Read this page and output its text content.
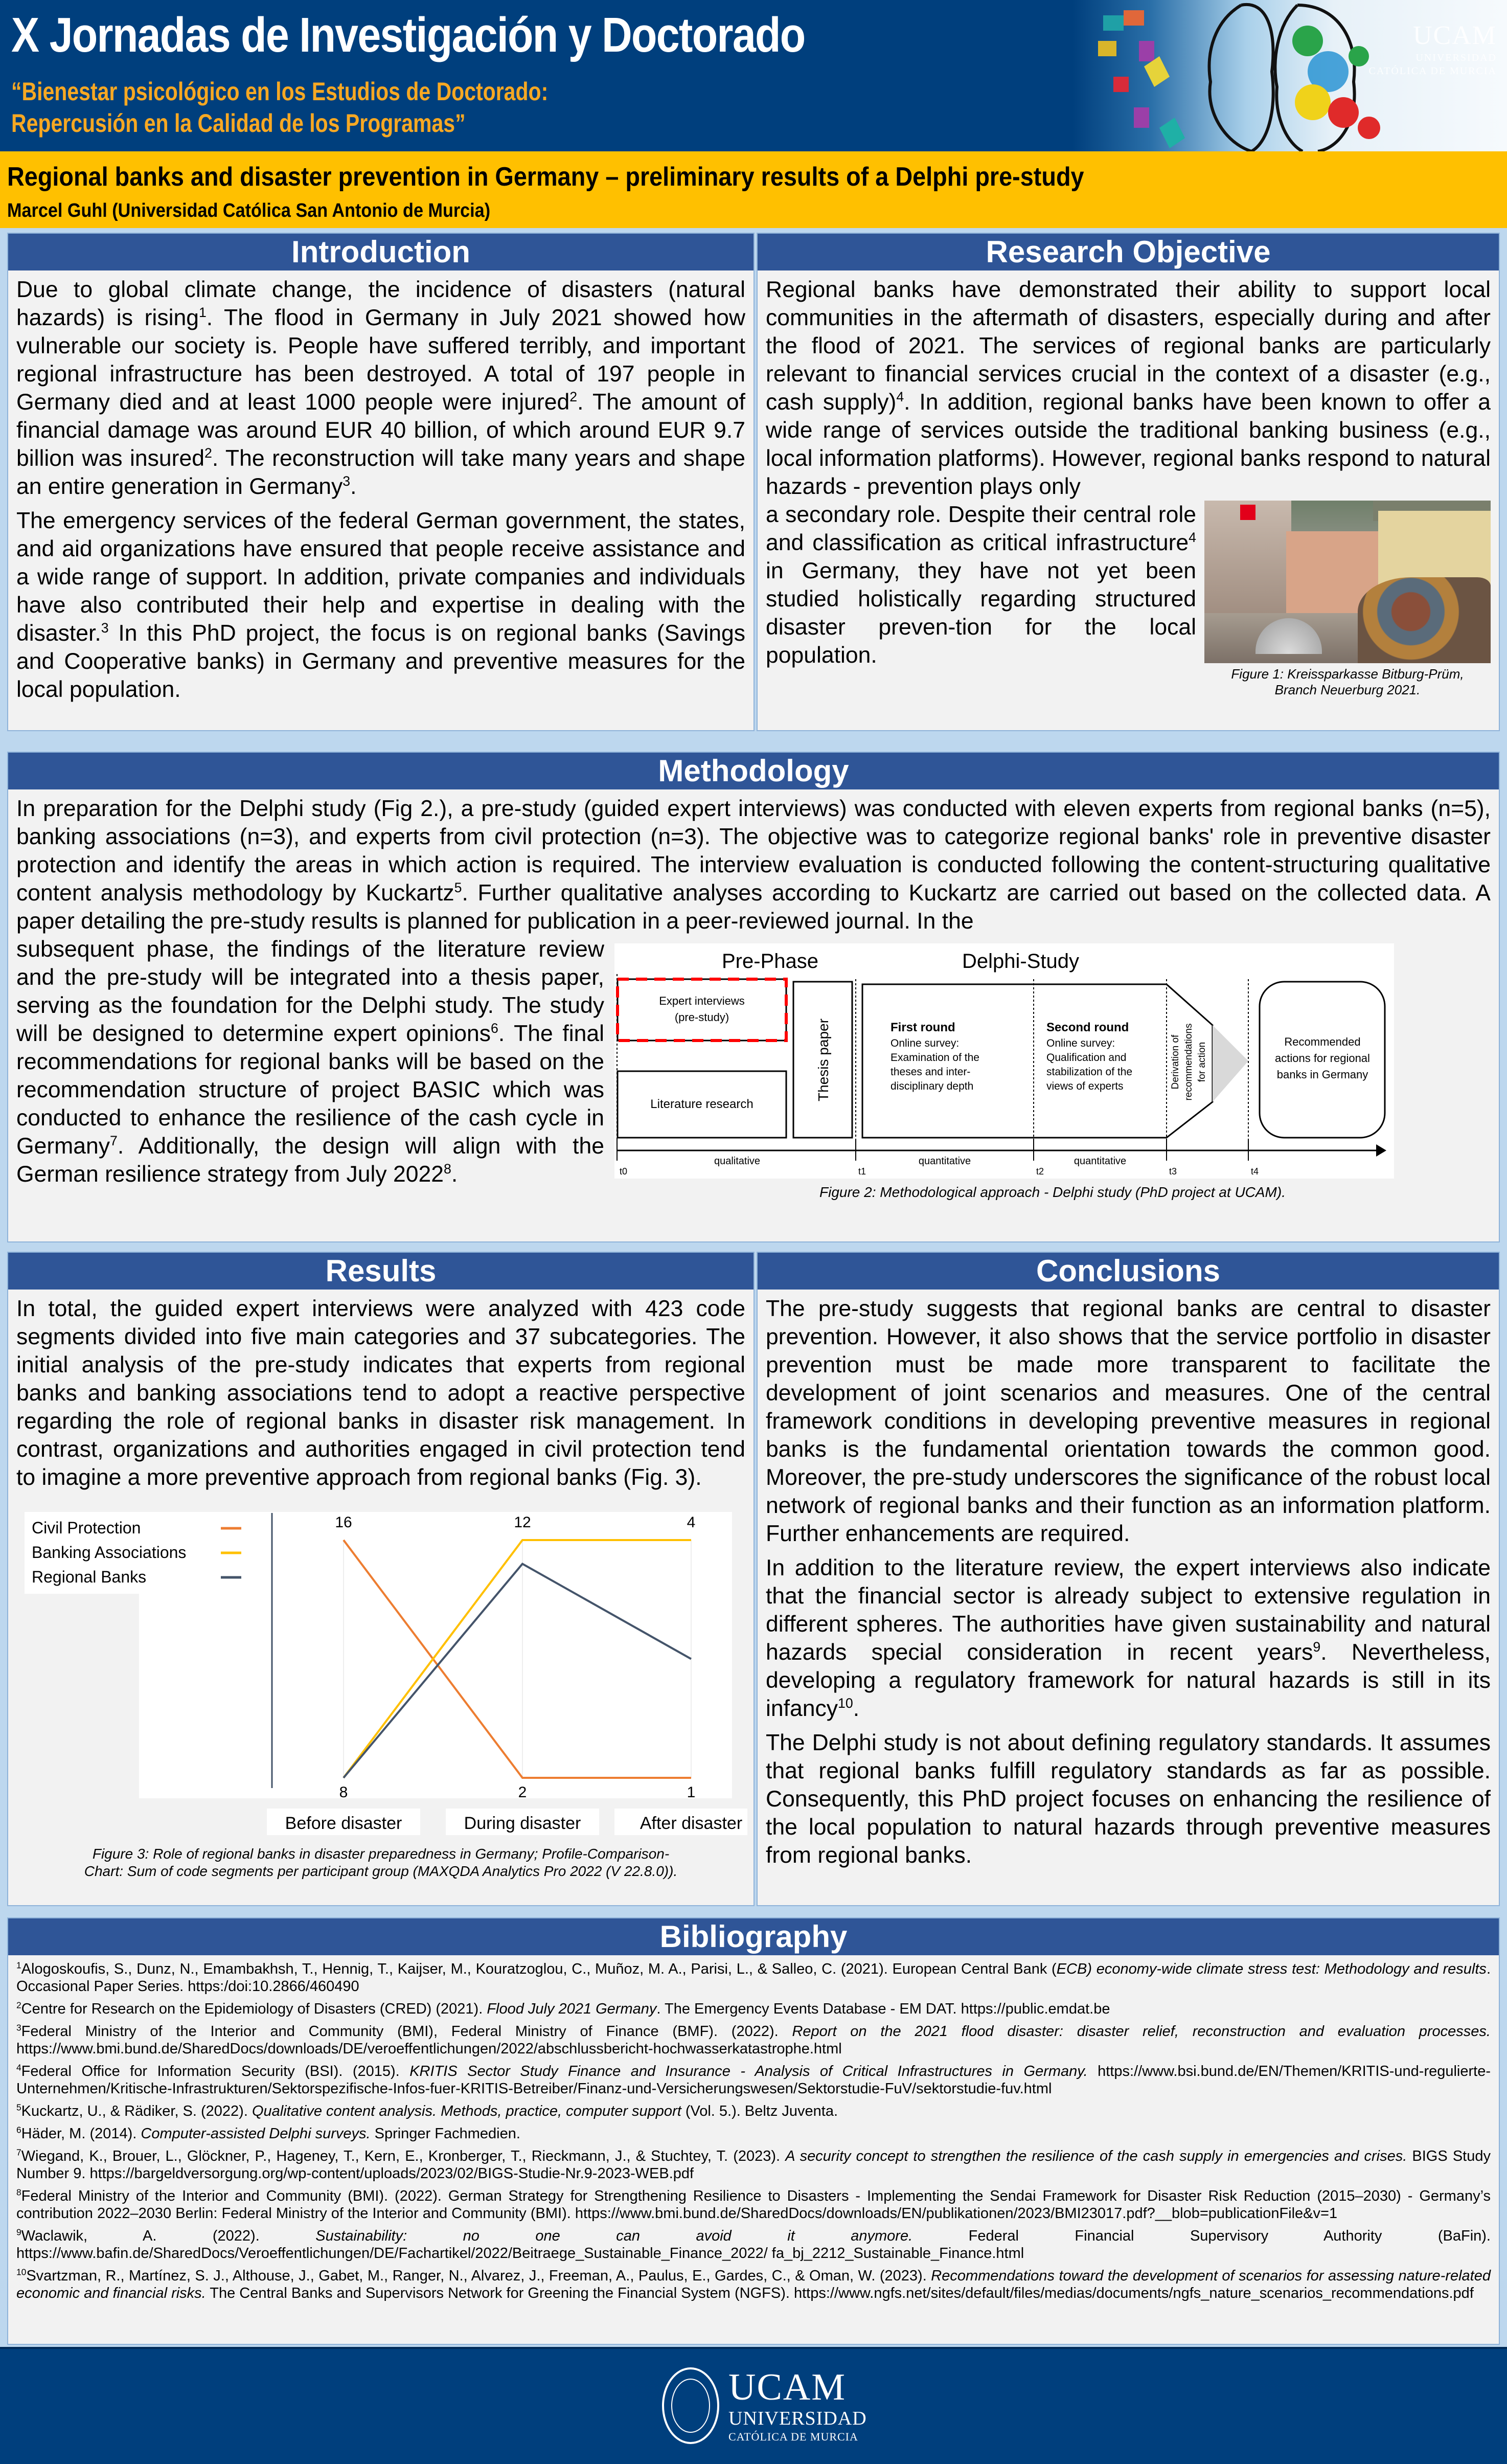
X Jornadas de Investigación y Doctorado
“Bienestar psicológico en los Estudios de Doctorado:
Repercusión en la Calidad de los Programas”
UCAM
UNIVERSIDAD
CATÓLICA DE MURCIA
Regional banks and disaster prevention in Germany – preliminary results of a Delphi pre-study
Marcel Guhl (Universidad Católica San Antonio de Murcia)
Introduction

Due to global climate change, the incidence of disasters (natural hazards) is rising$^1$. The flood in Germany in July 2021 showed how vulnerable our society is. People have suffered terribly, and important regional infrastructure has been destroyed. A total of 197 people in Germany died and at least 1000 people were injured$^2$. The amount of financial damage was around EUR 40 billion, of which around EUR 9.7 billion was insured$^2$. The reconstruction will take many years and shape an entire generation in Germany$^3$.

The emergency services of the federal German government, the states, and aid organizations have ensured that people receive assistance and a wide range of support. In addition, private companies and individuals have also contributed their help and expertise in dealing with the disaster.$^3$ In this PhD project, the focus is on regional banks (Savings and Cooperative banks) in Germany and preventive measures for the local population.

Research Objective

Regional banks have demonstrated their ability to support local communities in the aftermath of disasters, especially during and after the flood of 2021. The services of regional banks are particularly relevant to financial services crucial in the context of a disaster (e.g., cash supply)$^4$. In addition, regional banks have been known to offer a wide range of services outside the traditional banking business (e.g., local information platforms). However, regional banks respond to natural hazards - prevention plays only

a secondary role. Despite their central role and classification as critical infrastructure$^4$ in Germany, they have not yet been studied holistically regarding structured disaster preven-tion for the local population.

Figure 1: Kreissparkasse Bitburg-Prüm,
Branch Neuerburg 2021.
Methodology

In preparation for the Delphi study (Fig 2.), a pre-study (guided expert interviews) was conducted with eleven experts from regional banks (n=5), banking associations (n=3), and experts from civil protection (n=3). The objective was to categorize regional banks' role in preventive disaster protection and identify the areas in which action is required. The interview evaluation is conducted following the content-structuring qualitative content analysis methodology by Kuckartz$^5$. Further qualitative analyses according to Kuckartz are carried out based on the collected data. A paper detailing the pre-study results is planned for publication in a peer-reviewed journal. In the

subsequent phase, the findings of the literature review and the pre-study will be integrated into a thesis paper, serving as the foundation for the Delphi study. The study will be designed to determine expert opinions$^6$. The final recommendations for regional banks will be based on the recommendation structure of project BASIC which was conducted to enhance the resilience of the cash cycle in Germany$^7$. Additionally, the design will align with the German resilience strategy from July 2022$^8$.

Pre-Phase	Delphi-Study
Expert interviews
(pre-study)
Literature research
Thesis paper	First round
Online survey:
Examination of the
theses and inter-
disciplinary depth
Second round
Online survey:
Qualification and
stabilization of the
views of experts	Derivation of recommendations for action
Recommended
actions for regional
banks in Germany
qualitative	quantitative	quantitative
t0	t1	t2	t3	t4
Figure 2: Methodological approach - Delphi study (PhD project at UCAM).
Results

In total, the guided expert interviews were analyzed with 423 code segments divided into five main categories and 37 subcategories. The initial analysis of the pre-study indicates that experts from regional banks and banking associations tend to adopt a reactive perspective regarding the role of regional banks in disaster risk management. In contrast, organizations and authorities engaged in civil protection tend to imagine a more preventive approach from regional banks (Fig. 3).

16
8
12
2
4
1
Before disaster	During disaster	After disaster
Civil Protection
Banking Associations
Regional Banks
Figure 3: Role of regional banks in disaster preparedness in Germany; Profile-Comparison-
Chart: Sum of code segments per participant group (MAXQDA Analytics Pro 2022 (V 22.8.0)).
Conclusions

The pre-study suggests that regional banks are central to disaster prevention. However, it also shows that the service portfolio in disaster prevention must be made more transparent to facilitate the development of joint scenarios and measures. One of the central framework conditions in developing preventive measures in regional banks is the fundamental orientation towards the common good. Moreover, the pre-study underscores the significance of the robust local network of regional banks and their function as an information platform. Further enhancements are required.

In addition to the literature review, the expert interviews also indicate that the financial sector is already subject to extensive regulation in different spheres. The authorities have given sustainability and natural hazards special consideration in recent years$^9$. Nevertheless, developing a regulatory framework for natural hazards is still in its infancy$^{10}$.

The Delphi study is not about defining regulatory standards. It assumes that regional banks fulfill regulatory standards as far as possible. Consequently, this PhD project focuses on enhancing the resilience of the local population to natural hazards through preventive measures from regional banks.

Bibliography
$^1$Alogoskoufis, S., Dunz, N., Emambakhsh, T., Hennig, T., Kaijser, M., Kouratzoglou, C., Muñoz, M. A., Parisi, L., & Salleo, C. (2021). European Central Bank (ECB) economy-wide climate stress test: Methodology and results. Occasional Paper Series. https:/doi:10.2866/460490
$^2$Centre for Research on the Epidemiology of Disasters (CRED) (2021). Flood July 2021 Germany. The Emergency Events Database - EM DAT. https://public.emdat.be
$^3$Federal Ministry of the Interior and Community (BMI), Federal Ministry of Finance (BMF). (2022). Report on the 2021 flood disaster: disaster relief, reconstruction and evaluation processes. https://www.bmi.bund.de/SharedDocs/downloads/DE/veroeffentlichungen/2022/abschlussbericht-hochwasserkatastrophe.html
$^4$Federal Office for Information Security (BSI). (2015). KRITIS Sector Study Finance and Insurance - Analysis of Critical Infrastructures in Germany. https://www.bsi.bund.de/EN/Themen/KRITIS-und-regulierte-Unternehmen/Kritische-Infrastrukturen/Sektorspezifische-Infos-fuer-KRITIS-Betreiber/Finanz-und-Versicherungswesen/Sektorstudie-FuV/sektorstudie-fuv.html
$^5$Kuckartz, U., & Rädiker, S. (2022). Qualitative content analysis. Methods, practice, computer support (Vol. 5.). Beltz Juventa.
$^6$Häder, M. (2014). Computer-assisted Delphi surveys. Springer Fachmedien.
$^7$Wiegand, K., Brouer, L., Glöckner, P., Hageney, T., Kern, E., Kronberger, T., Rieckmann, J., & Stuchtey, T. (2023). A security concept to strengthen the resilience of the cash supply in emergencies and crises. BIGS Study Number 9. https://bargeldversorgung.org/wp-content/uploads/2023/02/BIGS-Studie-Nr.9-2023-WEB.pdf
$^8$Federal Ministry of the Interior and Community (BMI). (2022). German Strategy for Strengthening Resilience to Disasters - Implementing the Sendai Framework for Disaster Risk Reduction (2015–2030) - Germany’s contribution 2022–2030 Berlin: Federal Ministry of the Interior and Community (BMI). https://www.bmi.bund.de/SharedDocs/downloads/EN/publikationen/2023/BMI23017.pdf?__blob=publicationFile&v=1
$^9$Waclawik, A. (2022). Sustainability: no one can avoid it anymore. Federal Financial Supervisory Authority (BaFin). https://www.bafin.de/SharedDocs/Veroeffentlichungen/DE/Fachartikel/2022/Beitraege_Sustainable_Finance_2022/ fa_bj_2212_Sustainable_Finance.html
$^{10}$Svartzman, R., Martínez, S. J., Althouse, J., Gabet, M., Ranger, N., Alvarez, J., Freeman, A., Paulus, E., Gardes, C., & Oman, W. (2023). Recommendations toward the development of scenarios for assessing nature-related economic and financial risks. The Central Banks and Supervisors Network for Greening the Financial System (NGFS). https://www.ngfs.net/sites/default/files/medias/documents/ngfs_nature_scenarios_recommendations.pdf
UCAM
UNIVERSIDAD
CATÓLICA DE MURCIA
